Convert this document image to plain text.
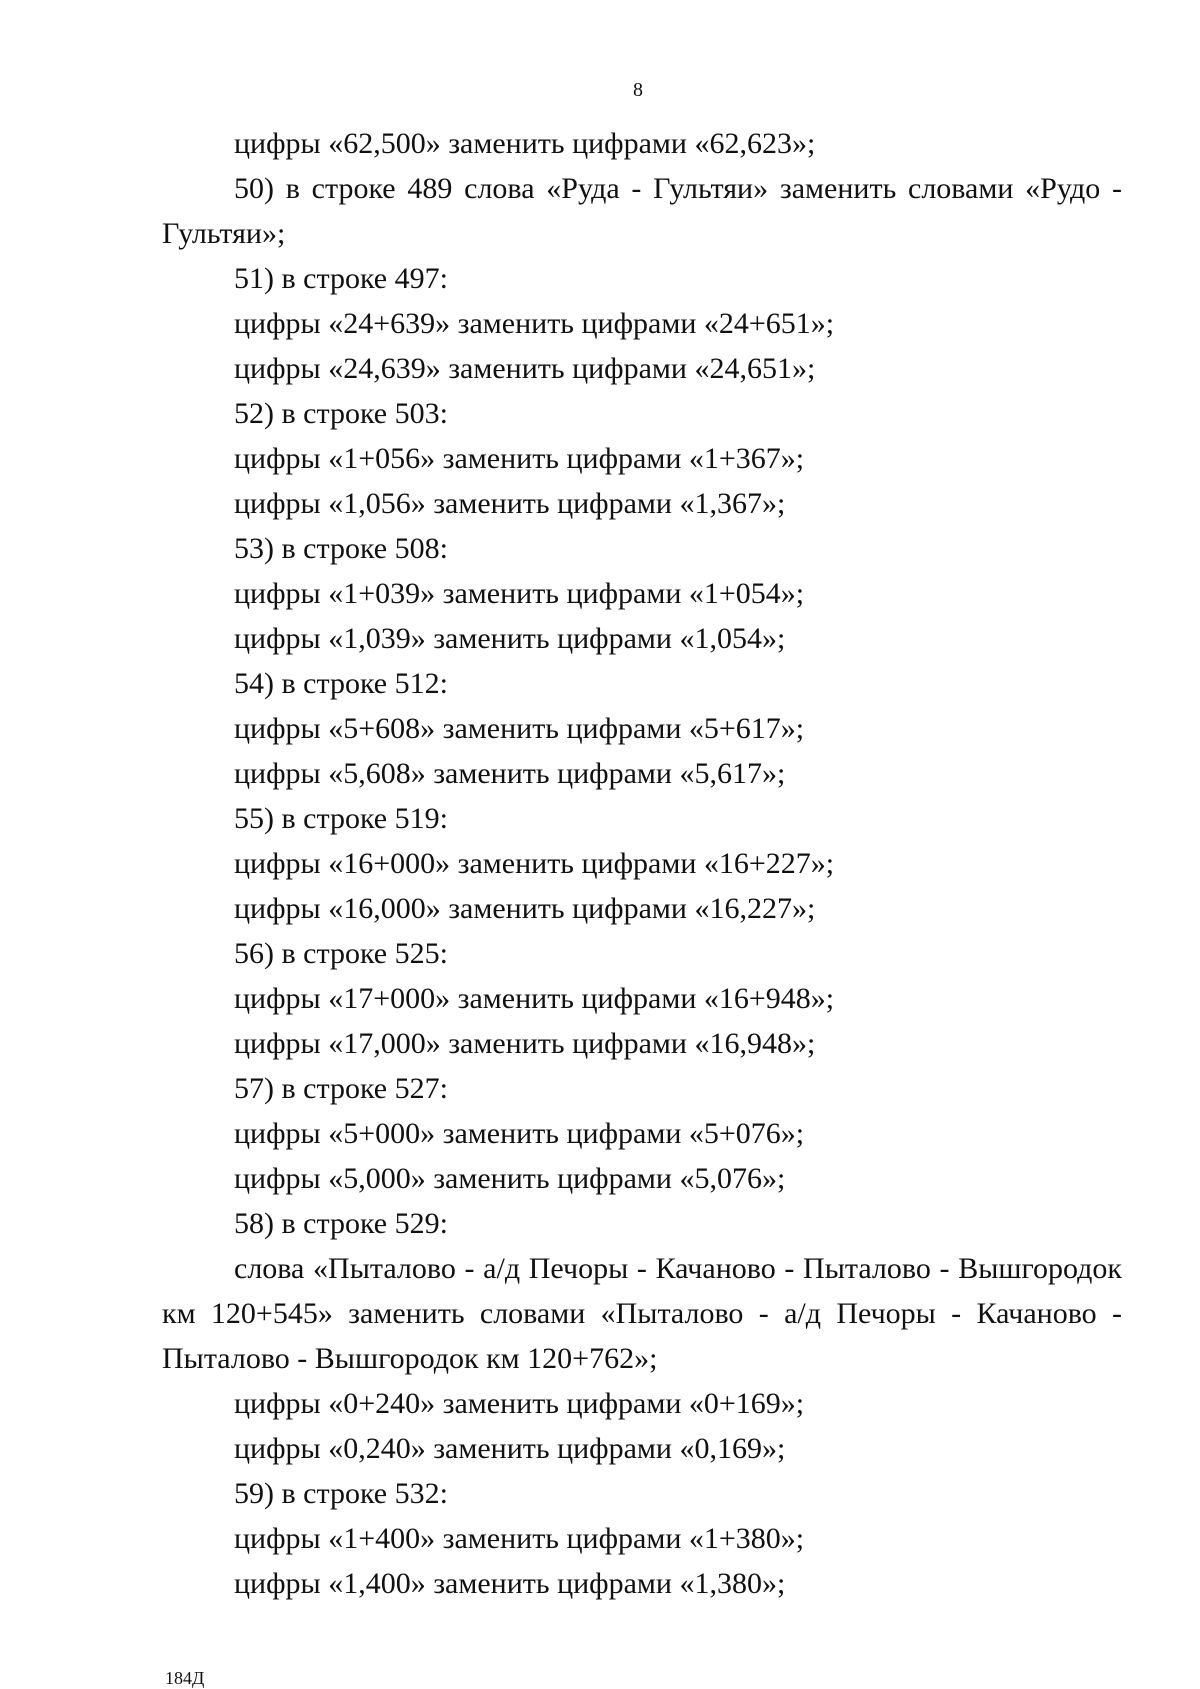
8

цифры «62,500» заменить цифрами «62,623»;

50) в строке 489 слова «Руда - Гультяи» заменить словами «Рудо - Гультяи»;

51) в строке 497:

цифры «24+639» заменить цифрами «24+651»;

цифры «24,639» заменить цифрами «24,651»;

52) в строке 503:

цифры «1+056» заменить цифрами «1+367»;

цифры «1,056» заменить цифрами «1,367»;

53) в строке 508:

цифры «1+039» заменить цифрами «1+054»;

цифры «1,039» заменить цифрами «1,054»;

54) в строке 512:

цифры «5+608» заменить цифрами «5+617»;

цифры «5,608» заменить цифрами «5,617»;

55) в строке 519:

цифры «16+000» заменить цифрами «16+227»;

цифры «16,000» заменить цифрами «16,227»;

56) в строке 525:

цифры «17+000» заменить цифрами «16+948»;

цифры «17,000» заменить цифрами «16,948»;

57) в строке 527:

цифры «5+000» заменить цифрами «5+076»;

цифры «5,000» заменить цифрами «5,076»;

58) в строке 529:

слова «Пыталово - а/д Печоры - Качаново - Пыталово - Вышгородок км 120+545» заменить словами «Пыталово - а/д Печоры - Качаново - Пыталово - Вышгородок км 120+762»;

цифры «0+240» заменить цифрами «0+169»;

цифры «0,240» заменить цифрами «0,169»;

59) в строке 532:

цифры «1+400» заменить цифрами «1+380»;

цифры «1,400» заменить цифрами «1,380»;

184Д
